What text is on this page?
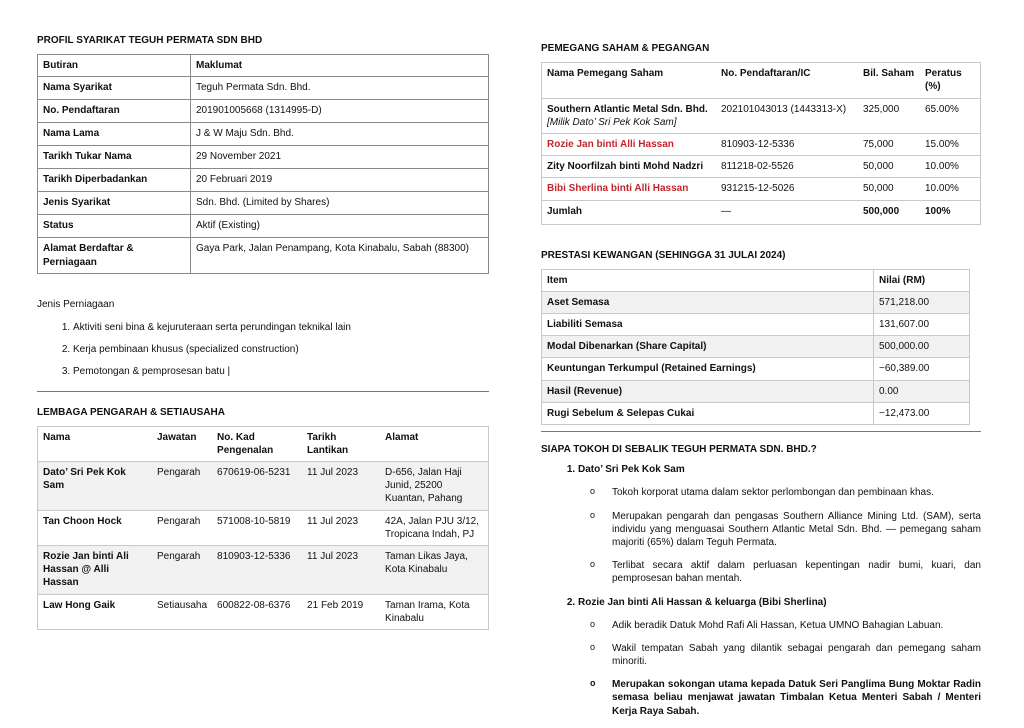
PROFIL SYARIKAT TEGUH PERMATA SDN BHD
Butiran	Maklumat
Nama Syarikat	Teguh Permata Sdn. Bhd.
No. Pendaftaran	201901005668 (1314995-D)
Nama Lama	J & W Maju Sdn. Bhd.
Tarikh Tukar Nama	29 November 2021
Tarikh Diperbadankan	20 Februari 2019
Jenis Syarikat	Sdn. Bhd. (Limited by Shares)
Status	Aktif (Existing)
Alamat Berdaftar & Perniagaan	Gaya Park, Jalan Penampang, Kota Kinabalu, Sabah (88300)
Jenis Perniagaan
1. Aktiviti seni bina & kejuruteraan serta perundingan teknikal lain
2. Kerja pembinaan khusus (specialized construction)
3. Pemotongan & pemprosesan batu |
LEMBAGA PENGARAH & SETIAUSAHA
Nama	Jawatan	No. Kad Pengenalan	Tarikh Lantikan	Alamat
Dato’ Sri Pek Kok Sam	Pengarah	670619-06-5231	11 Jul 2023	D-656, Jalan Haji Junid, 25200 Kuantan, Pahang
Tan Choon Hock	Pengarah	571008-10-5819	11 Jul 2023	42A, Jalan PJU 3/12, Tropicana Indah, PJ
Rozie Jan binti Ali Hassan @ Alli Hassan	Pengarah	810903-12-5336	11 Jul 2023	Taman Likas Jaya, Kota Kinabalu
Law Hong Gaik	Setiausaha	600822-08-6376	21 Feb 2019	Taman Irama, Kota Kinabalu
PEMEGANG SAHAM & PEGANGAN
Nama Pemegang Saham	No. Pendaftaran/IC	Bil. Saham	Peratus (%)

Southern Atlantic Metal Sdn. Bhd.
[Milik Dato’ Sri Pek Kok Sam]	202101043013 (1443313-X)	325,000	65.00%
Rozie Jan binti Alli Hassan	810903-12-5336	75,000	15.00%
Zity Noorfilzah binti Mohd Nadzri	811218-02-5526	50,000	10.00%
Bibi Sherlina binti Alli Hassan	931215-12-5026	50,000	10.00%
Jumlah	—	500,000	100%
PRESTASI KEWANGAN (SEHINGGA 31 JULAI 2024)
Item	Nilai (RM)
Aset Semasa	571,218.00
Liabiliti Semasa	131,607.00
Modal Dibenarkan (Share Capital)	500,000.00
Keuntungan Terkumpul (Retained Earnings)	−60,389.00
Hasil (Revenue)	0.00
Rugi Sebelum & Selepas Cukai	−12,473.00
SIAPA TOKOH DI SEBALIK TEGUH PERMATA SDN. BHD.?
1. Dato’ Sri Pek Kok Sam
o Tokoh korporat utama dalam sektor perlombongan dan pembinaan khas.
o Merupakan pengarah dan pengasas Southern Alliance Mining Ltd. (SAM), serta individu yang menguasai Southern Atlantic Metal Sdn. Bhd. — pemegang saham majoriti (65%) dalam Teguh Permata.
o Terlibat secara aktif dalam perluasan kepentingan nadir bumi, kuari, dan pemprosesan bahan mentah.
2. Rozie Jan binti Ali Hassan & keluarga (Bibi Sherlina)
o Adik beradik Datuk Mohd Rafi Ali Hassan, Ketua UMNO Bahagian Labuan.
o Wakil tempatan Sabah yang dilantik sebagai pengarah dan pemegang saham minoriti.
o Merupakan sokongan utama kepada Datuk Seri Panglima Bung Moktar Radin semasa beliau menjawat jawatan Timbalan Ketua Menteri Sabah / Menteri Kerja Raya Sabah.
